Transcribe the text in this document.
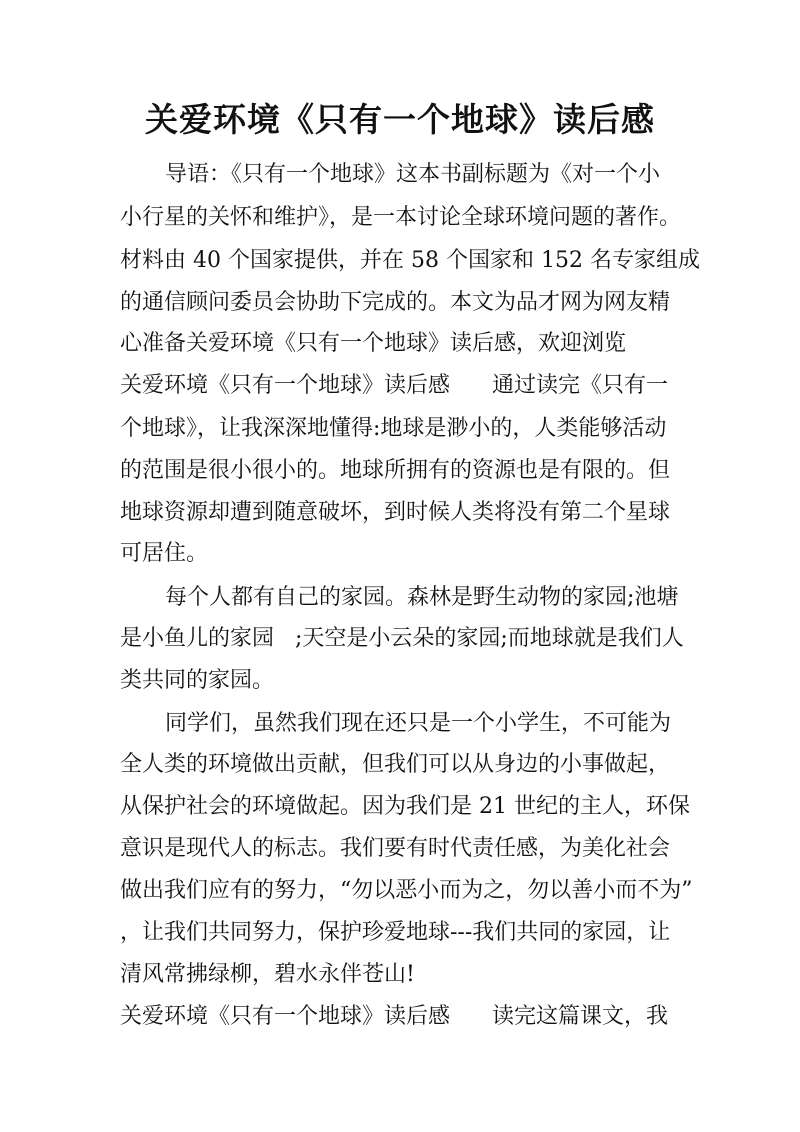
关爱环境《只有一个地球》读后感
导语：《只有一个地球》这本书副标题为《对一个小
小行星的关怀和维护》，是一本讨论全球环境问题的著作。
材料由 40 个国家提供，并在 58 个国家和 152 名专家组成
的通信顾问委员会协助下完成的。本文为品才网为网友精
心准备关爱环境《只有一个地球》读后感，欢迎浏览
关爱环境《只有一个地球》读后感      通过读完《只有一
个地球》，让我深深地懂得:地球是渺小的，人类能够活动
的范围是很小很小的。地球所拥有的资源也是有限的。但
地球资源却遭到随意破坏，到时候人类将没有第二个星球
可居住。
每个人都有自己的家园。森林是野生动物的家园;池塘
是小鱼儿的家园   ;天空是小云朵的家园;而地球就是我们人
类共同的家园。
同学们，虽然我们现在还只是一个小学生，不可能为
全人类的环境做出贡献，但我们可以从身边的小事做起，
从保护社会的环境做起。因为我们是 21 世纪的主人，环保
意识是现代人的标志。我们要有时代责任感，为美化社会
做出我们应有的努力，“勿以恶小而为之，勿以善小而不为”
，让我们共同努力，保护珍爱地球---我们共同的家园，让
清风常拂绿柳，碧水永伴苍山!
关爱环境《只有一个地球》读后感      读完这篇课文，我
